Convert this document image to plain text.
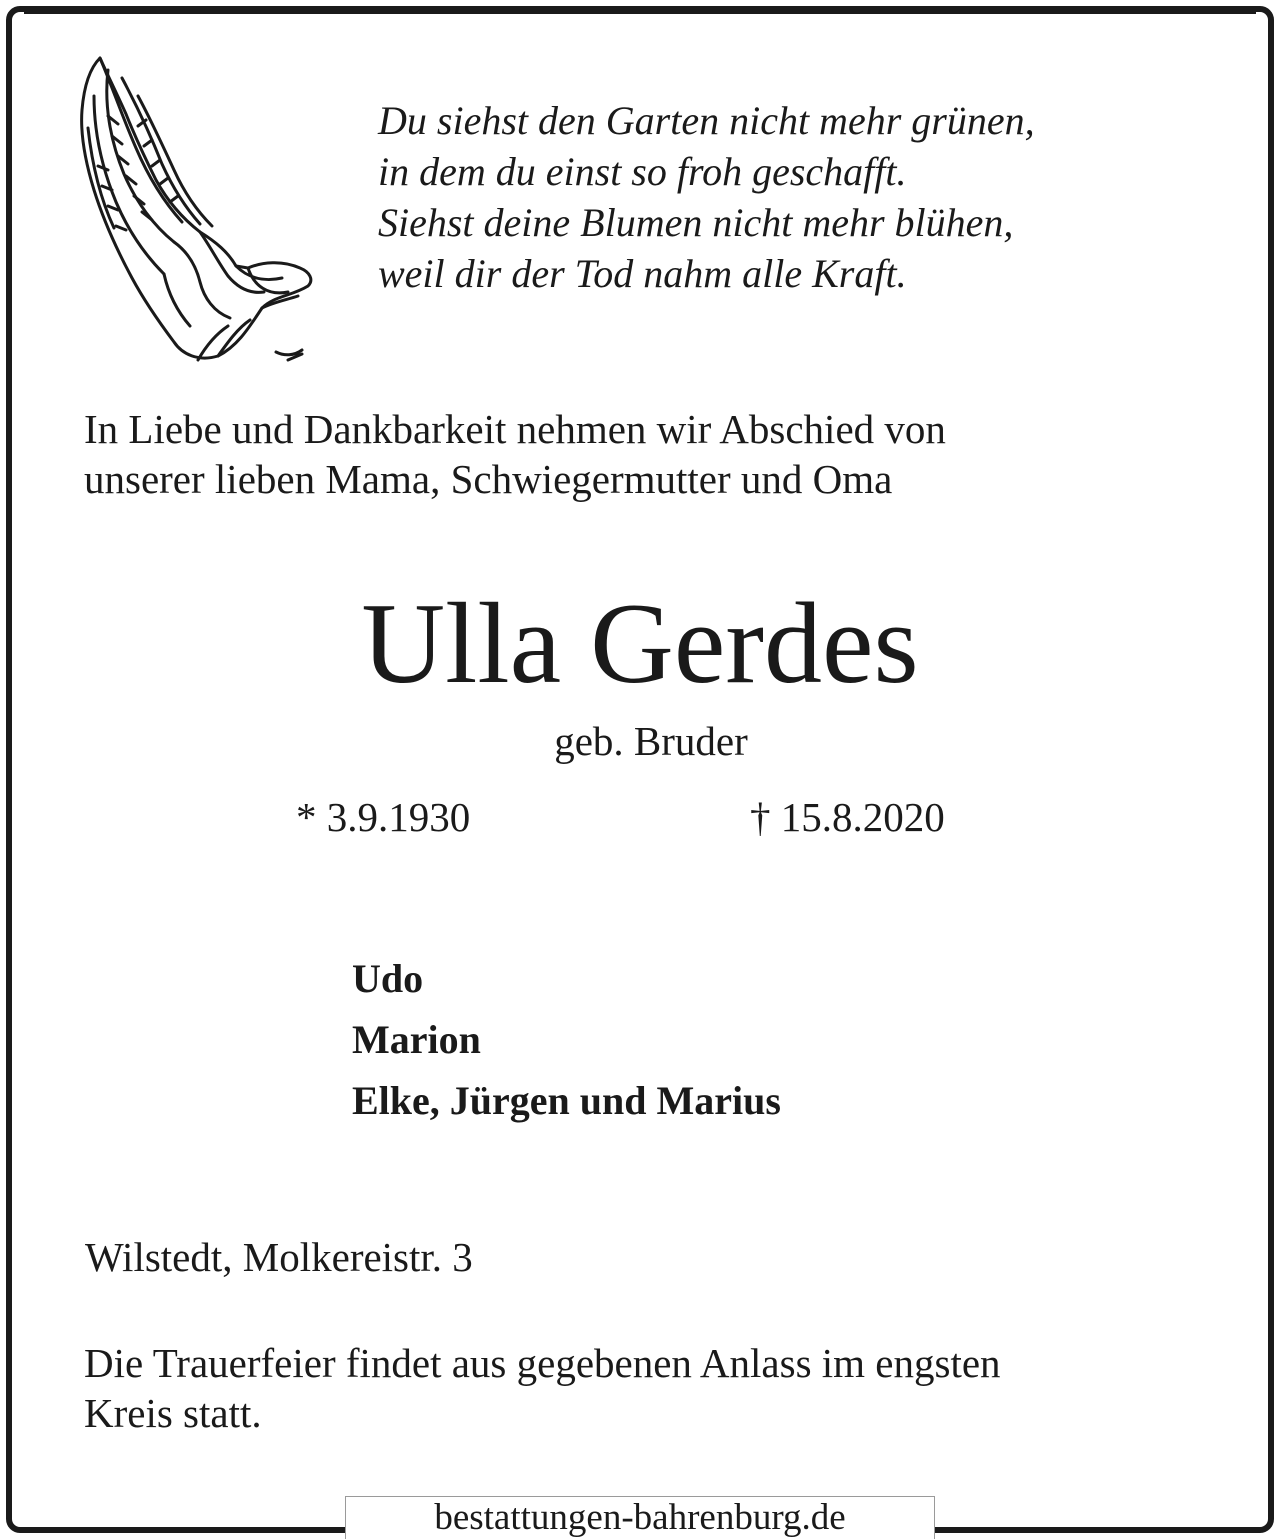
Du siehst den Garten nicht mehr grünen,
in dem du einst so froh geschafft.
Siehst deine Blumen nicht mehr blühen,
weil dir der Tod nahm alle Kraft.
In Liebe und Dankbarkeit nehmen wir Abschied von
unserer lieben Mama, Schwiegermutter und Oma
Ulla Gerdes
geb. Bruder
* 3.9.1930	† 15.8.2020
Udo
Marion
Elke, Jürgen und Marius
Wilstedt, Molkereistr. 3
Die Trauerfeier findet aus gegebenen Anlass im engsten
Kreis statt.
bestattungen-bahrenburg.de
